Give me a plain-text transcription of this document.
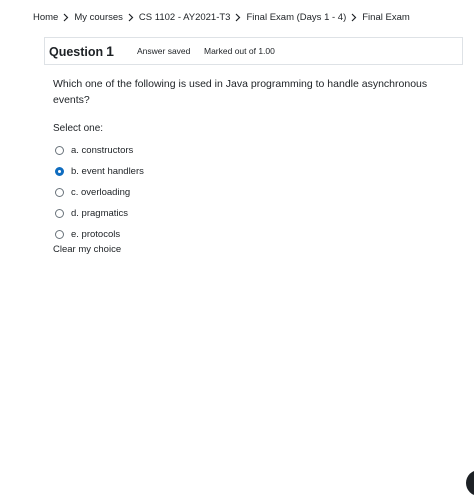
Home My courses CS 1102 - AY2021-T3 Final Exam (Days 1 - 4) Final Exam
Question 1	Answer saved Marked out of 1.00
Which one of the following is used in Java programming to handle asynchronous events?
Select one:
a. constructors
b. event handlers
c. overloading
d. pragmatics
e. protocols
Clear my choice
